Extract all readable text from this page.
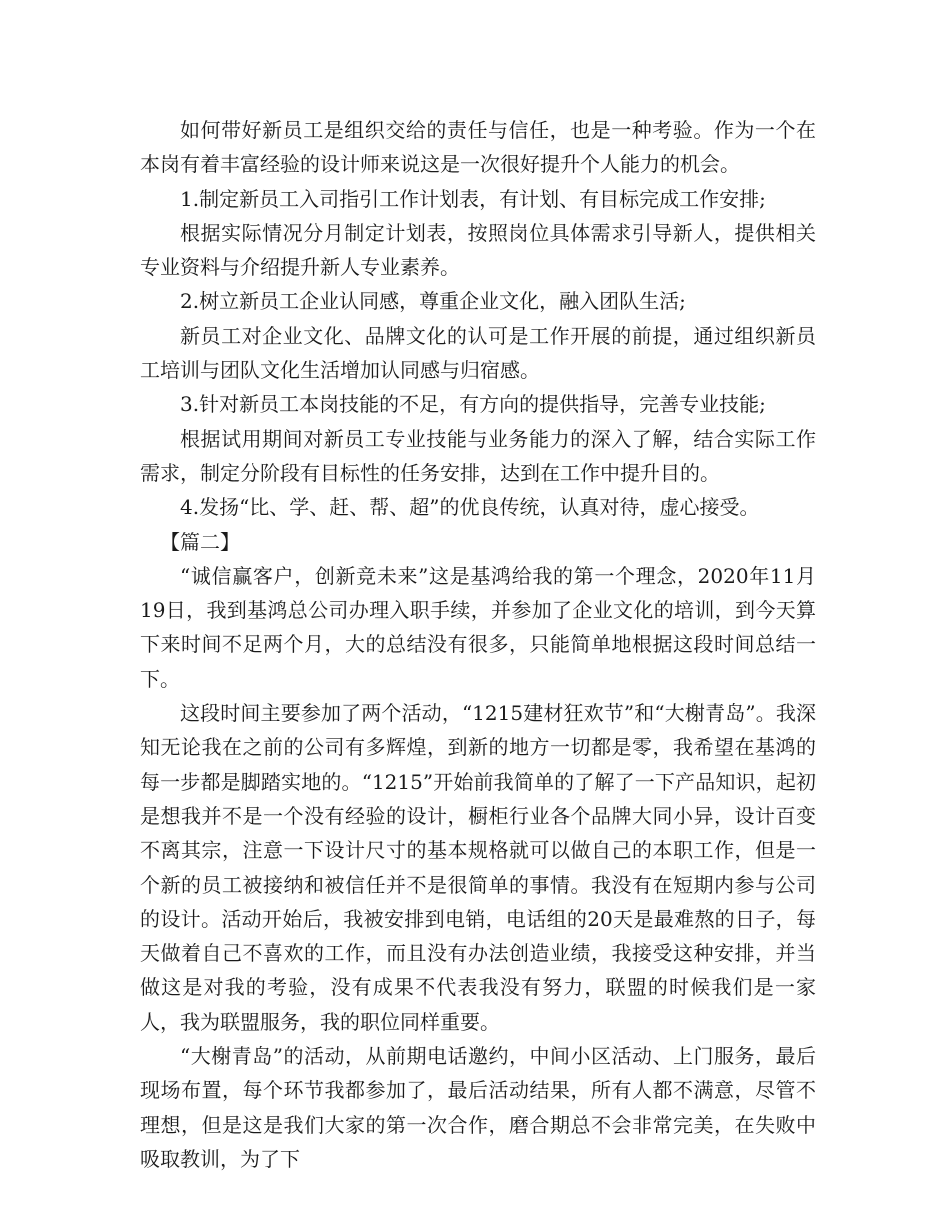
如何带好新员工是组织交给的责任与信任，也是一种考验。作为一个在本岗有着丰富经验的设计师来说这是一次很好提升个人能力的机会。

1.制定新员工入司指引工作计划表，有计划、有目标完成工作安排;

根据实际情况分月制定计划表，按照岗位具体需求引导新人，提供相关专业资料与介绍提升新人专业素养。

2.树立新员工企业认同感，尊重企业文化，融入团队生活;

新员工对企业文化、品牌文化的认可是工作开展的前提，通过组织新员工培训与团队文化生活增加认同感与归宿感。

3.针对新员工本岗技能的不足，有方向的提供指导，完善专业技能;

根据试用期间对新员工专业技能与业务能力的深入了解，结合实际工作需求，制定分阶段有目标性的任务安排，达到在工作中提升目的。

4.发扬“比、学、赶、帮、超”的优良传统，认真对待，虚心接受。

【篇二】

“诚信赢客户，创新竞未来”这是基鸿给我的第一个理念，2020年11月19日，我到基鸿总公司办理入职手续，并参加了企业文化的培训，到今天算下来时间不足两个月，大的总结没有很多，只能简单地根据这段时间总结一下。

这段时间主要参加了两个活动，“1215建材狂欢节”和“大榭青岛”。我深知无论我在之前的公司有多辉煌，到新的地方一切都是零，我希望在基鸿的每一步都是脚踏实地的。“1215”开始前我简单的了解了一下产品知识，起初是想我并不是一个没有经验的设计，橱柜行业各个品牌大同小异，设计百变不离其宗，注意一下设计尺寸的基本规格就可以做自己的本职工作，但是一个新的员工被接纳和被信任并不是很简单的事情。我没有在短期内参与公司的设计。活动开始后，我被安排到电销，电话组的20天是最难熬的日子，每天做着自己不喜欢的工作，而且没有办法创造业绩，我接受这种安排，并当做这是对我的考验，没有成果不代表我没有努力，联盟的时候我们是一家人，我为联盟服务，我的职位同样重要。

“大榭青岛”的活动，从前期电话邀约，中间小区活动、上门服务，最后现场布置，每个环节我都参加了，最后活动结果，所有人都不满意，尽管不理想，但是这是我们大家的第一次合作，磨合期总不会非常完美，在失败中吸取教训，为了下
